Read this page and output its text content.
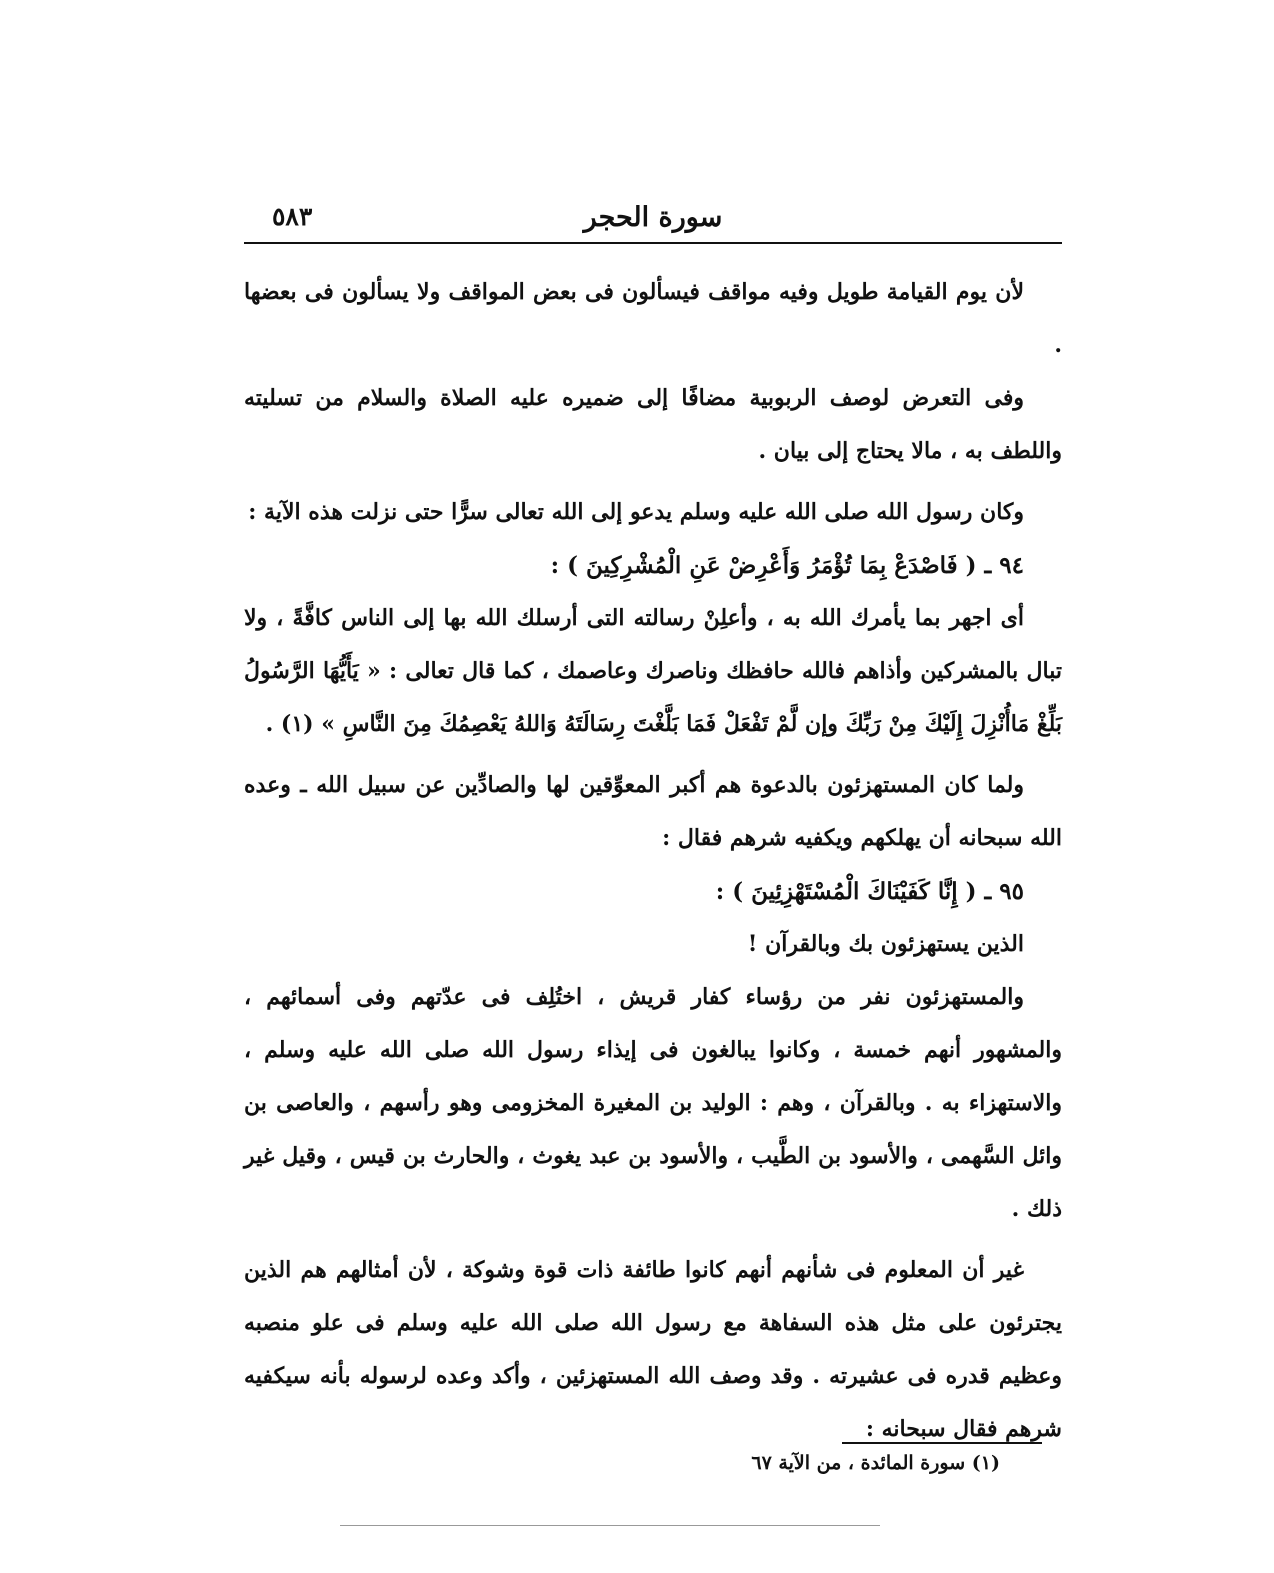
سورة الحجر
٥٨٣

لأن يوم القيامة طويل وفيه مواقف فيسألون فى بعض المواقف ولا يسألون فى بعضها .

وفى التعرض لوصف الربوبية مضافًا إلى ضميره عليه الصلاة والسلام من تسليته واللطف به ، مالا يحتاج إلى بيان .

وكان رسول الله صلى الله عليه وسلم يدعو إلى الله تعالى سرًّا حتى نزلت هذه الآية :

٩٤ ـ ( فَاصْدَعْ بِمَا تُؤْمَرُ وَأَعْرِضْ عَنِ الْمُشْرِكِينَ ) :

أى اجهر بما يأمرك الله به ، وأعلِنْ رسالته التى أرسلك الله بها إلى الناس كافَّةً ، ولا تبال بالمشركين وأذاهم فالله حافظك وناصرك وعاصمك ، كما قال تعالى : « يَأَيُّهَا الرَّسُولُ بَلِّغْ مَاأُنْزِلَ إِلَيْكَ مِنْ رَبِّكَ وإن لَّمْ تَفْعَلْ فَمَا بَلَّغْتَ رِسَالَتَهُ وَاللهُ يَعْصِمُكَ مِنَ النَّاسِ » (١) .

ولما كان المستهزئون بالدعوة هم أكبر المعوِّقين لها والصادِّين عن سبيل الله ـ وعده الله سبحانه أن يهلكهم ويكفيه شرهم فقال :

٩٥ ـ ( إِنَّا كَفَيْنَاكَ الْمُسْتَهْزِئِينَ ) :

الذين يستهزئون بك وبالقرآن !

والمستهزئون نفر من رؤساء كفار قريش ، اختُلِف فى عدّتهم وفى أسمائهم ، والمشهور أنهم خمسة ، وكانوا يبالغون فى إيذاء رسول الله صلى الله عليه وسلم ، والاستهزاء به . وبالقرآن ، وهم : الوليد بن المغيرة المخزومى وهو رأسهم ، والعاصى بن وائل السَّهمى ، والأسود بن الطَّيب ، والأسود بن عبد يغوث ، والحارث بن قيس ، وقيل غير ذلك .

غير أن المعلوم فى شأنهم أنهم كانوا طائفة ذات قوة وشوكة ، لأن أمثالهم هم الذين يجترئون على مثل هذه السفاهة مع رسول الله صلى الله عليه وسلم فى علو منصبه وعظيم قدره فى عشيرته . وقد وصف الله المستهزئين ، وأكد وعده لرسوله بأنه سيكفيه شرهم فقال سبحانه :

(١) سورة المائدة ، من الآية ٦٧
